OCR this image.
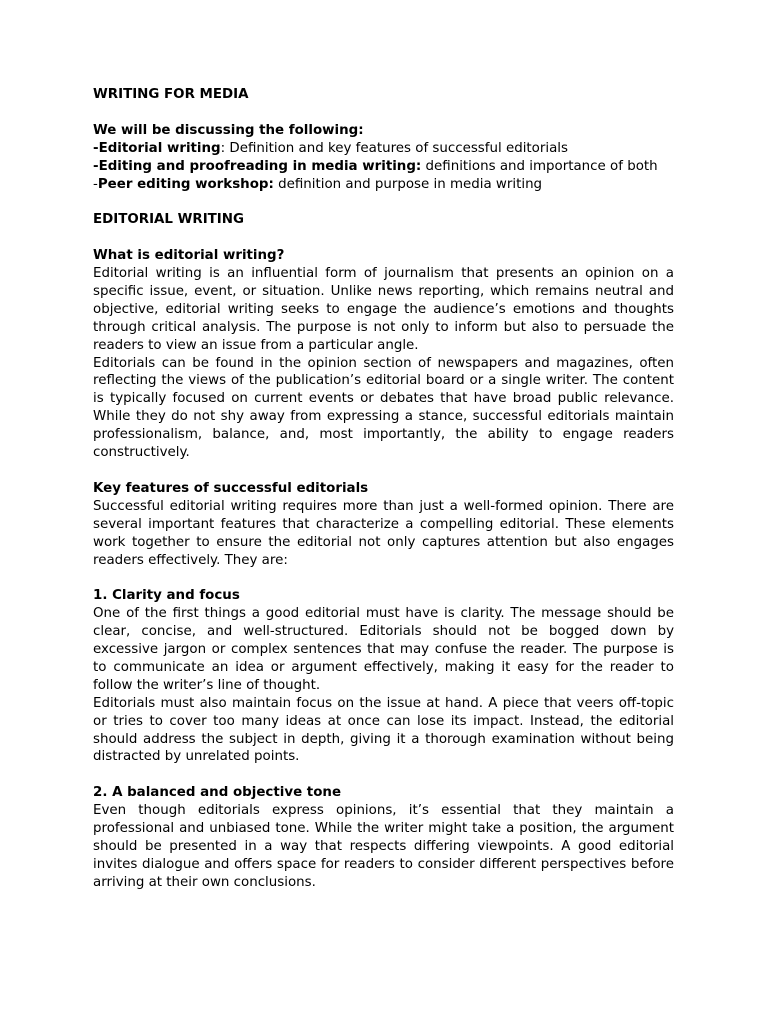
WRITING FOR MEDIA

We will be discussing the following:

-Editorial writing: Definition and key features of successful editorials

-Editing and proofreading in media writing: definitions and importance of both

-Peer editing workshop: definition and purpose in media writing

EDITORIAL WRITING

What is editorial writing?

Editorial writing is an influential form of journalism that presents an opinion on a specific issue, event, or situation. Unlike news reporting, which remains neutral and objective, editorial writing seeks to engage the audience’s emotions and thoughts through critical analysis. The purpose is not only to inform but also to persuade the readers to view an issue from a particular angle.

Editorials can be found in the opinion section of newspapers and magazines, often reflecting the views of the publication’s editorial board or a single writer. The content is typically focused on current events or debates that have broad public relevance. While they do not shy away from expressing a stance, successful editorials maintain professionalism, balance, and, most importantly, the ability to engage readers constructively.

Key features of successful editorials

Successful editorial writing requires more than just a well-formed opinion. There are several important features that characterize a compelling editorial. These elements work together to ensure the editorial not only captures attention but also engages readers effectively. They are:

1. Clarity and focus

One of the first things a good editorial must have is clarity. The message should be clear, concise, and well-structured. Editorials should not be bogged down by excessive jargon or complex sentences that may confuse the reader. The purpose is to communicate an idea or argument effectively, making it easy for the reader to follow the writer’s line of thought.

Editorials must also maintain focus on the issue at hand. A piece that veers off-topic or tries to cover too many ideas at once can lose its impact. Instead, the editorial should address the subject in depth, giving it a thorough examination without being distracted by unrelated points.

2. A balanced and objective tone

Even though editorials express opinions, it’s essential that they maintain a professional and unbiased tone. While the writer might take a position, the argument should be presented in a way that respects differing viewpoints. A good editorial invites dialogue and offers space for readers to consider different perspectives before arriving at their own conclusions.
